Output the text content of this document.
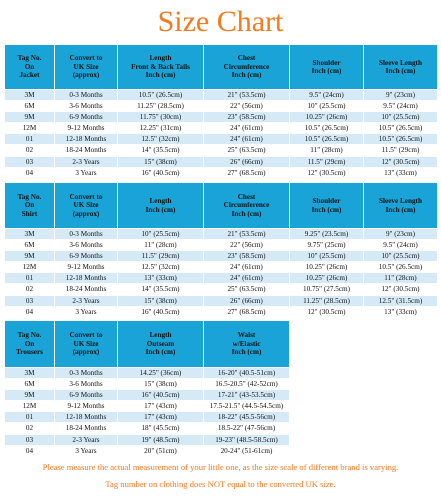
Size Chart
Tag No.
On
Jacket	Convert to
UK Size
(approx)	Length
Front & Back Tails
Inch (cm)	Chest
Circumference
Inch (cm)	Shoulder
Inch (cm)	Sleeve Length
Inch (cm)

3M	0-3 Months	10.5" (26.5cm)	21" (53.5cm)	9.5" (24cm)	9" (23cm)
6M	3-6 Months	11.25" (28.5cm)	22" (56cm)	10" (25.5cm)	9.5" (24cm)
9M	6-9 Months	11.75" (30cm)	23" (58.5cm)	10.25" (26cm)	10" (25.5cm)
12M	9-12 Months	12.25" (31cm)	24" (61cm)	10.5" (26.5cm)	10.5" (26.5cm)
01	12-18 Months	12.5" (32cm)	24" (61cm)	10.5" (26.5cm)	10.5" (26.5cm)
02	18-24 Months	14" (35.5cm)	25" (63.5cm)	11" (28cm)	11.5" (29cm)
03	2-3 Years	15" (38cm)	26" (66cm)	11.5" (29cm)	12" (30.5cm)
04	3 Years	16" (40.5cm)	27" (68.5cm)	12" (30.5cm)	13" (33cm)
Tag No.
On
Shirt	Convert to
UK Size
(approx)	Length
Inch (cm)	Chest
Circumference
Inch (cm)	Shoulder
Inch (cm)	Sleeve Length
Inch (cm)

3M	0-3 Months	10" (25.5cm)	21" (53.5cm)	9.25" (23.5cm)	9" (23cm)
6M	3-6 Months	11" (28cm)	22" (56cm)	9.75" (25cm)	9.5" (24cm)
9M	6-9 Months	11.5" (29cm)	23" (58.5cm)	10" (25.5cm)	10" (25.5cm)
12M	9-12 Months	12.5" (32cm)	24" (61cm)	10.25" (26cm)	10.5" (26.5cm)
01	12-18 Months	13" (33cm)	24" (61cm)	10.25" (26cm)	11" (28cm)
02	18-24 Months	14" (35.5cm)	25" (63.5cm)	10.75" (27.5cm)	12" (30.5cm)
03	2-3 Years	15" (38cm)	26" (66cm)	11.25" (28.5cm)	12.5" (31.5cm)
04	3 Years	16" (40.5cm)	27" (68.5cm)	12" (30.5cm)	13" (33cm)
Tag No.
On
Trousers	Convert to
UK Size
(approx)	Length
Outseam
Inch (cm)	Waist
w/Elastic
Inch (cm)		

3M	0-3 Months	14.25" (36cm)	16-20" (40.5-51cm)		
6M	3-6 Months	15" (38cm)	16.5-20.5" (42-52cm)		
9M	6-9 Months	16" (40.5cm)	17-21" (43-53.5cm)		
12M	9-12 Months	17" (43cm)	17.5-21.5" (44.5-54.5cm)		
01	12-18 Months	17" (43cm)	18-22" (45.5-56cm)		
02	18-24 Months	18" (45.5cm)	18.5-22" (47-56cm)		
03	2-3 Years	19" (48.5cm)	19-23" (48.5-58.5cm)		
04	3 Years	20" (51cm)	20-24" (51-61cm)		
Please measure the actual measurement of your little one, as the size scale of different brand is varying.
Tag number on clothing does NOT equal to the converted UK size.
